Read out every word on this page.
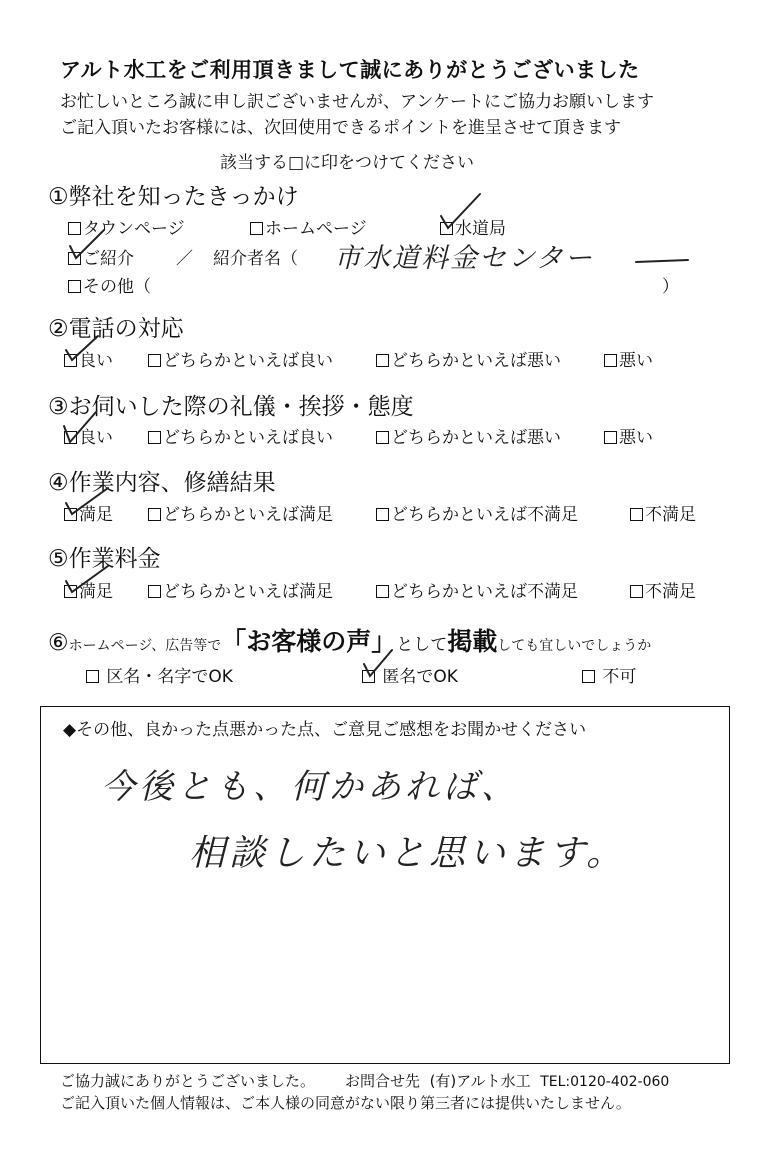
アルト水工をご利用頂きまして誠にありがとうございました
お忙しいところ誠に申し訳ございませんが、アンケートにご協力お願いします
ご記入頂いたお客様には、次回使用できるポイントを進呈させて頂きます
該当する□に印をつけてください
①弊社を知ったきっかけ
タウンページ	ホームページ	水道局
ご紹介 ／ 紹介者名（ 市水道料金センター
その他（	）
②電話の対応
良い	どちらかといえば良い	どちらかといえば悪い	悪い
③お伺いした際の礼儀・挨拶・態度
良い	どちらかといえば良い	どちらかといえば悪い	悪い
④作業内容、修繕結果
満足	どちらかといえば満足	どちらかといえば不満足	不満足
⑤作業料金
満足	どちらかといえば満足	どちらかといえば不満足	不満足
⑥ホームページ、広告等で「お客様の声」として掲載しても宜しいでしょうか
区名・名字でOK	匿名でOK	不可
◆その他、良かった点悪かった点、ご意見ご感想をお聞かせください
今後とも、何かあれば、
相談したいと思います。
ご協力誠にありがとうございました。 お問合せ先 (有)アルト水工 TEL:0120-402-060
ご記入頂いた個人情報は、ご本人様の同意がない限り第三者には提供いたしません。
